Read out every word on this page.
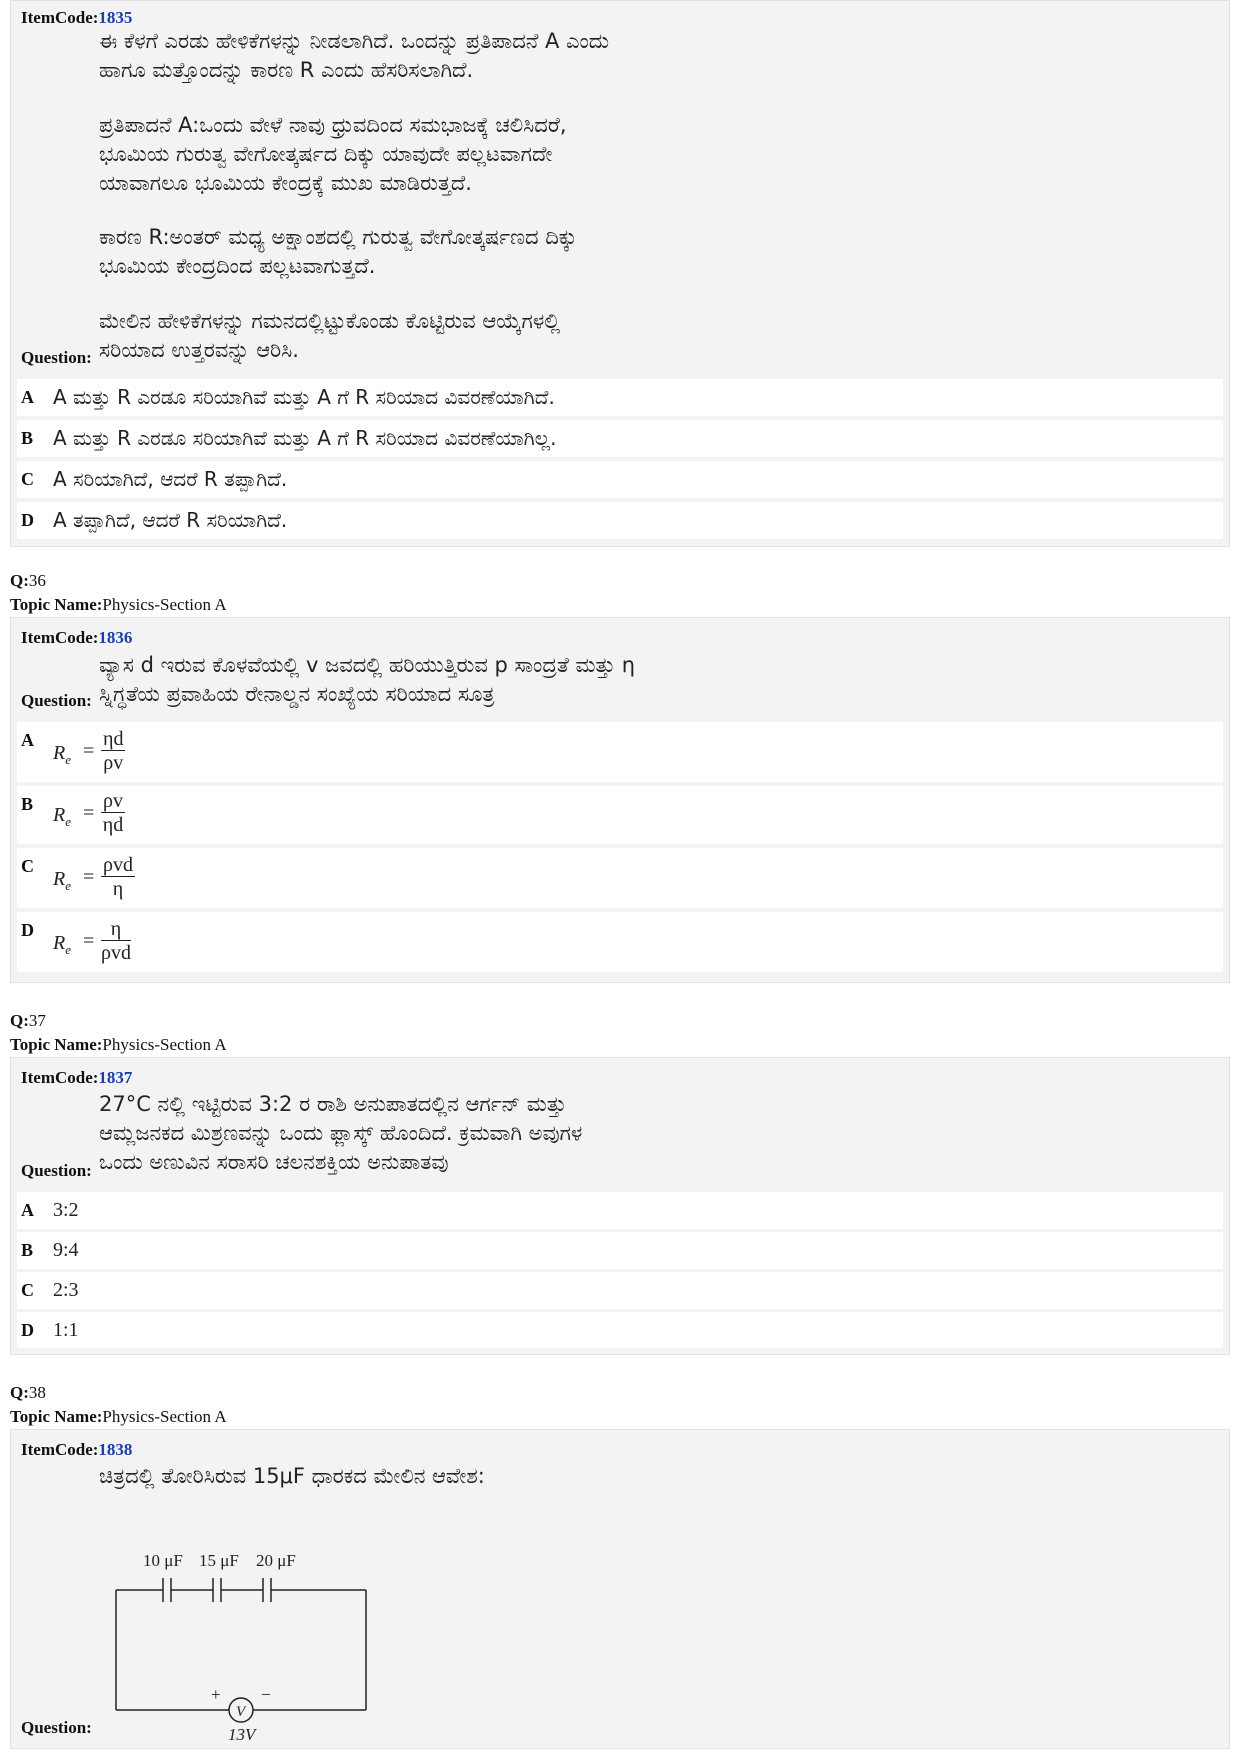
ItemCode:1835
ಈ ಕೆಳಗೆ ಎರಡು ಹೇಳಿಕೆಗಳನ್ನು ನೀಡಲಾಗಿದೆ. ಒಂದನ್ನು ಪ್ರತಿಪಾದನೆ A ಎಂದು
ಹಾಗೂ ಮತ್ತೊಂದನ್ನು ಕಾರಣ R ಎಂದು ಹೆಸರಿಸಲಾಗಿದೆ.
ಪ್ರತಿಪಾದನೆ A:ಒಂದು ವೇಳೆ ನಾವು ಧ್ರುವದಿಂದ ಸಮಭಾಜಕ್ಕೆ ಚಲಿಸಿದರೆ,
ಭೂಮಿಯ ಗುರುತ್ವ ವೇಗೋತ್ಕರ್ಷದ ದಿಕ್ಕು ಯಾವುದೇ ಪಲ್ಲಟವಾಗದೇ
ಯಾವಾಗಲೂ ಭೂಮಿಯ ಕೇಂದ್ರಕ್ಕೆ ಮುಖ ಮಾಡಿರುತ್ತದೆ.
ಕಾರಣ R:ಅಂತರ್ ಮಧ್ಯ ಅಕ್ಷಾಂಶದಲ್ಲಿ ಗುರುತ್ವ ವೇಗೋತ್ಕರ್ಷಣದ ದಿಕ್ಕು
ಭೂಮಿಯ ಕೇಂದ್ರದಿಂದ ಪಲ್ಲಟವಾಗುತ್ತದೆ.
ಮೇಲಿನ ಹೇಳಿಕೆಗಳನ್ನು ಗಮನದಲ್ಲಿಟ್ಟುಕೊಂಡು ಕೊಟ್ಟಿರುವ ಆಯ್ಕೆಗಳಲ್ಲಿ
ಸರಿಯಾದ ಉತ್ತರವನ್ನು ಆರಿಸಿ.
Question:
A A ಮತ್ತು R ಎರಡೂ ಸರಿಯಾಗಿವೆ ಮತ್ತು A ಗೆ R ಸರಿಯಾದ ವಿವರಣೆಯಾಗಿದೆ.
B A ಮತ್ತು R ಎರಡೂ ಸರಿಯಾಗಿವೆ ಮತ್ತು A ಗೆ R ಸರಿಯಾದ ವಿವರಣೆಯಾಗಿಲ್ಲ.
C A ಸರಿಯಾಗಿದೆ, ಆದರೆ R ತಪ್ಪಾಗಿದೆ.
D A ತಪ್ಪಾಗಿದೆ, ಆದರೆ R ಸರಿಯಾಗಿದೆ.
Q:36
Topic Name:Physics-Section A
ItemCode:1836
ವ್ಯಾಸ d ಇರುವ ಕೊಳವೆಯಲ್ಲಿ v ಜವದಲ್ಲಿ ಹರಿಯುತ್ತಿರುವ p ಸಾಂದ್ರತೆ ಮತ್ತು η
ಸ್ನಿಗ್ಧತೆಯ ಪ್ರವಾಹಿಯ ರೇನಾಲ್ಡನ ಸಂಖ್ಯೆಯ ಸರಿಯಾದ ಸೂತ್ರ
Question:
A
$R_e = \frac{\eta d}{\rho v}$
B $R_e = \frac{\rho v}{\eta d}$
C
$R_e$ =
ρvd
η
D
$R_e$ =
η
ρvd
Q:37
Topic Name:Physics-Section A
ItemCode:1837
27°C ನಲ್ಲಿ ಇಟ್ಟಿರುವ 3:2 ರ ರಾಶಿ ಅನುಪಾತದಲ್ಲಿನ ಆರ್ಗನ್ ಮತ್ತು
ಆಮ್ಲಜನಕದ ಮಿಶ್ರಣವನ್ನು ಒಂದು ಫ್ಲಾಸ್ಕ್ ಹೊಂದಿದೆ. ಕ್ರಮವಾಗಿ ಅವುಗಳ
ಒಂದು ಅಣುವಿನ ಸರಾಸರಿ ಚಲನಶಕ್ತಿಯ ಅನುಪಾತವು
Question:
A 3:2
B 9:4
C 2:3
D 1:1
Q:38
Topic Name:Physics-Section A
ItemCode:1838
ಚಿತ್ರದಲ್ಲಿ ತೋರಿಸಿರುವ 15μF ಧಾರಕದ ಮೇಲಿನ ಆವೇಶ:
10 μF 15 μF 20 μF
V
+ −
13V
Question:
